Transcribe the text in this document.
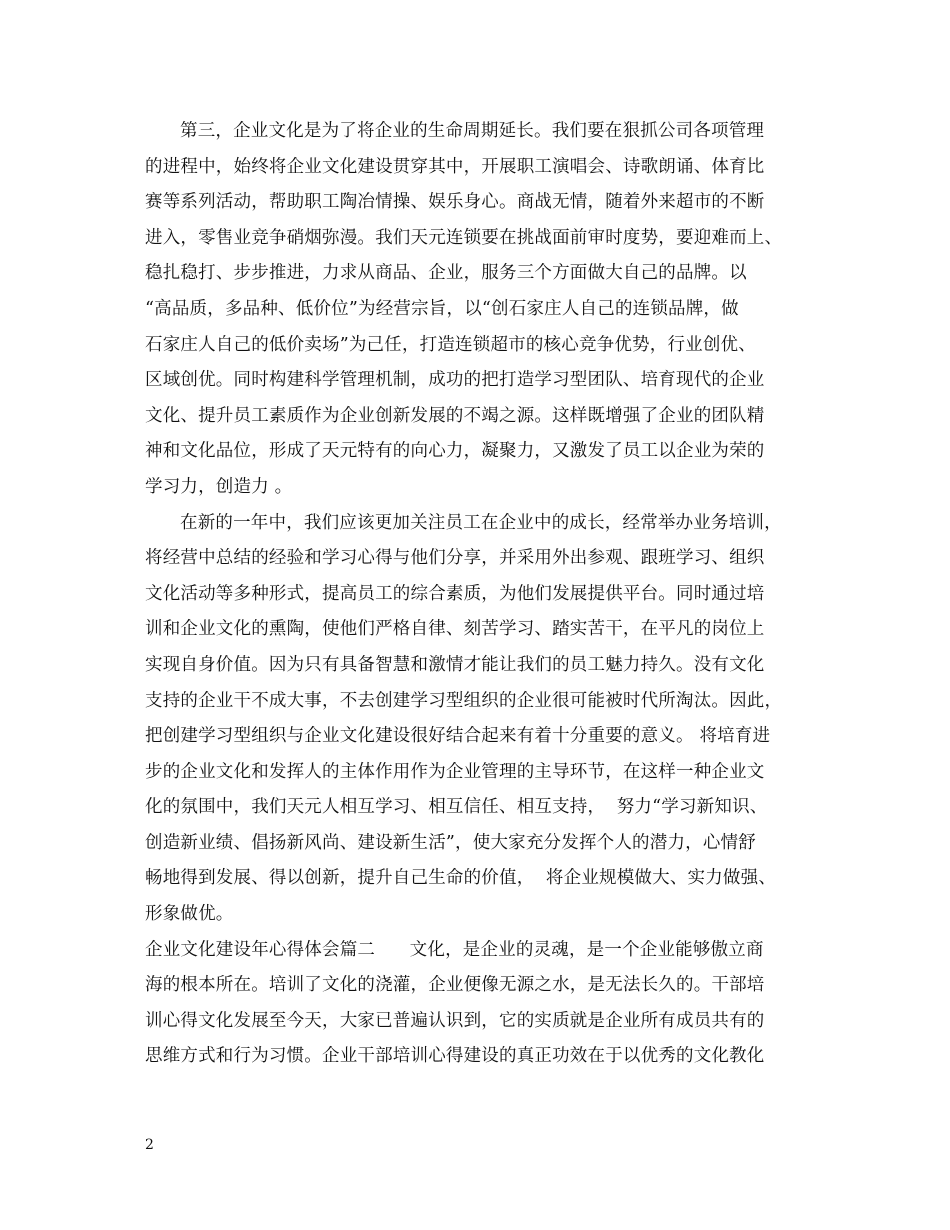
第三，企业文化是为了将企业的生命周期延长。我们要在狠抓公司各项管理
的进程中，始终将企业文化建设贯穿其中，开展职工演唱会、诗歌朗诵、体育比
赛等系列活动，帮助职工陶冶情操、娱乐身心。商战无情，随着外来超市的不断
进入，零售业竞争硝烟弥漫。我们天元连锁要在挑战面前审时度势，要迎难而上、
稳扎稳打、步步推进，力求从商品、企业，服务三个方面做大自己的品牌。以
“高品质，多品种、低价位”为经营宗旨，以“创石家庄人自己的连锁品牌，做
石家庄人自己的低价卖场”为己任，打造连锁超市的核心竞争优势，行业创优、
区域创优。同时构建科学管理机制，成功的把打造学习型团队、培育现代的企业
文化、提升员工素质作为企业创新发展的不竭之源。这样既增强了企业的团队精
神和文化品位，形成了天元特有的向心力，凝聚力，又激发了员工以企业为荣的
学习力，创造力 。
在新的一年中，我们应该更加关注员工在企业中的成长，经常举办业务培训，
将经营中总结的经验和学习心得与他们分享，并采用外出参观、跟班学习、组织
文化活动等多种形式，提高员工的综合素质，为他们发展提供平台。同时通过培
训和企业文化的熏陶，使他们严格自律、刻苦学习、踏实苦干，在平凡的岗位上
实现自身价值。因为只有具备智慧和激情才能让我们的员工魅力持久。没有文化
支持的企业干不成大事，不去创建学习型组织的企业很可能被时代所淘汰。因此，
把创建学习型组织与企业文化建设很好结合起来有着十分重要的意义。 将培育进
步的企业文化和发挥人的主体作用作为企业管理的主导环节，在这样一种企业文
化的氛围中，我们天元人相互学习、相互信任、相互支持，  努力“学习新知识、
创造新业绩、倡扬新风尚、建设新生活”，使大家充分发挥个人的潜力，心情舒
畅地得到发展、得以创新，提升自己生命的价值，  将企业规模做大、实力做强、
形象做优。
企业文化建设年心得体会篇二      文化，是企业的灵魂，是一个企业能够傲立商
海的根本所在。培训了文化的浇灌，企业便像无源之水，是无法长久的。干部培
训心得文化发展至今天，大家已普遍认识到，它的实质就是企业所有成员共有的
思维方式和行为习惯。企业干部培训心得建设的真正功效在于以优秀的文化教化
2
